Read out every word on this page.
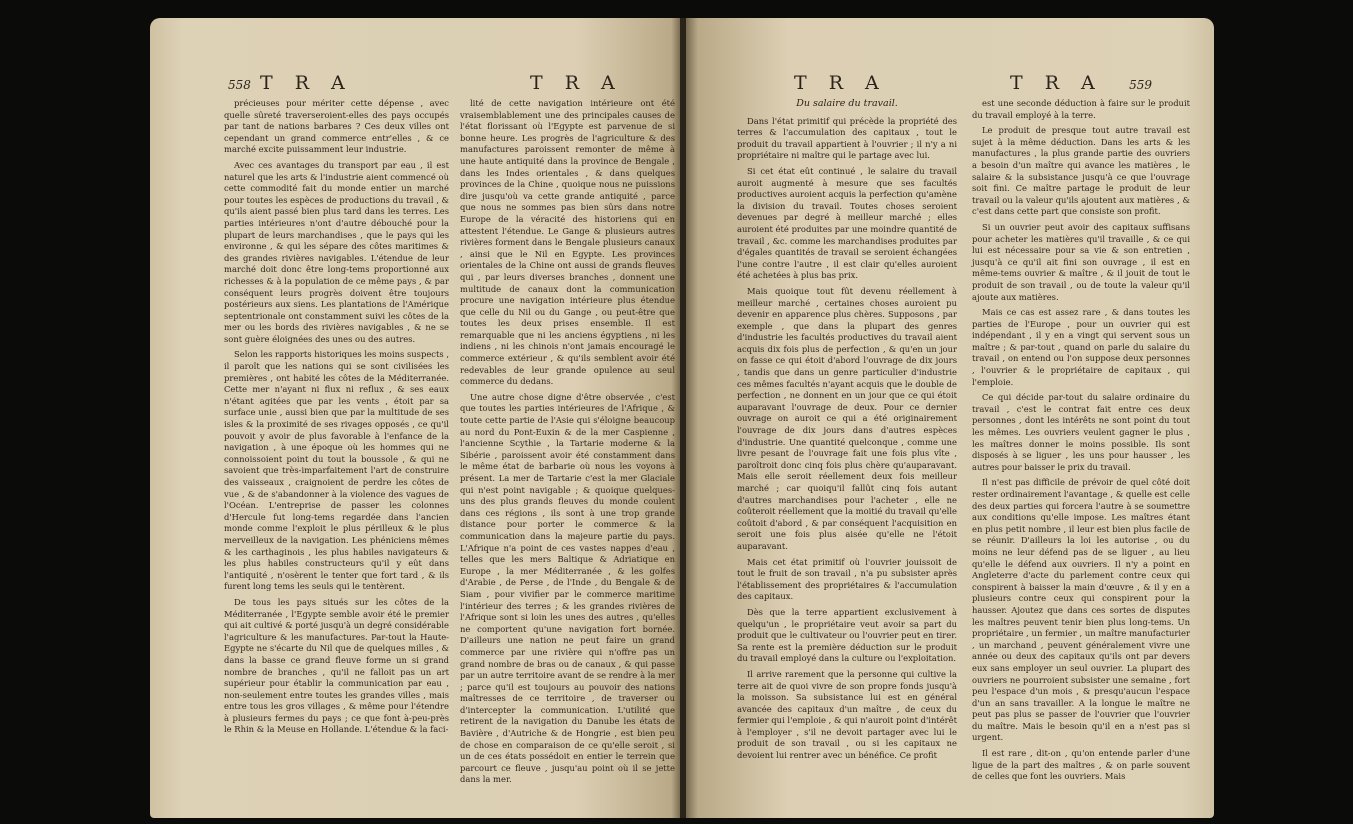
558 T R A	T R A

précieuses pour mériter cette dépense , avec quelle sûreté traverseroient-elles des pays occupés par tant de nations barbares ? Ces deux villes ont cependant un grand commerce entr'elles , & ce marché excite puissamment leur industrie.

Avec ces avantages du transport par eau , il est naturel que les arts & l'industrie aient commencé où cette commodité fait du monde entier un marché pour toutes les espèces de productions du travail , & qu'ils aient passé bien plus tard dans les terres. Les parties intérieures n'ont d'autre débouché pour la plupart de leurs marchandises , que le pays qui les environne , & qui les sépare des côtes maritimes & des grandes rivières navigables. L'étendue de leur marché doit donc être long-tems proportionné aux richesses & à la population de ce même pays , & par conséquent leurs progrès doivent être toujours postérieurs aux siens. Les plantations de l'Amérique septentrionale ont constamment suivi les côtes de la mer ou les bords des rivières navigables , & ne se sont guère éloignées des unes ou des autres.

Selon les rapports historiques les moins suspects , il paroît que les nations qui se sont civilisées les premières , ont habité les côtes de la Méditerranée. Cette mer n'ayant ni flux ni reflux , & ses eaux n'étant agitées que par les vents , étoit par sa surface unie , aussi bien que par la multitude de ses isles & la proximité de ses rivages opposés , ce qu'il pouvoit y avoir de plus favorable à l'enfance de la navigation , à une époque où les hommes qui ne connoissoient point du tout la boussole , & qui ne savoient que très-imparfaitement l'art de construire des vaisseaux , craignoient de perdre les côtes de vue , & de s'abandonner à la violence des vagues de l'Océan. L'entreprise de passer les colonnes d'Hercule fut long-tems regardée dans l'ancien monde comme l'exploit le plus périlleux & le plus merveilleux de la navigation. Les phéniciens mêmes & les carthaginois , les plus habiles navigateurs & les plus habiles constructeurs qu'il y eût dans l'antiquité , n'osèrent le tenter que fort tard , & ils furent long tems les seuls qui le tentèrent.

De tous les pays situés sur les côtes de la Méditerranée , l'Egypte semble avoir été le premier qui ait cultivé & porté jusqu'à un degré considérable l'agriculture & les manufactures. Par-tout la Haute-Egypte ne s'écarte du Nil que de quelques milles , & dans la basse ce grand fleuve forme un si grand nombre de branches , qu'il ne falloit pas un art supérieur pour établir la communication par eau , non-seulement entre toutes les grandes villes , mais entre tous les gros villages , & même pour l'étendre à plusieurs fermes du pays ; ce que font à-peu-près le Rhin & la Meuse en Hollande. L'étendue & la faci-

lité de cette navigation intérieure ont été vraisemblablement une des principales causes de l'état florissant où l'Egypte est parvenue de si bonne heure. Les progrès de l'agriculture & des manufactures paroissent remonter de même à une haute antiquité dans la province de Bengale , dans les Indes orientales , & dans quelques provinces de la Chine , quoique nous ne puissions dire jusqu'où va cette grande antiquité , parce que nous ne sommes pas bien sûrs dans notre Europe de la véracité des historiens qui en attestent l'étendue. Le Gange & plusieurs autres rivières forment dans le Bengale plusieurs canaux , ainsi que le Nil en Egypte. Les provinces orientales de la Chine ont aussi de grands fleuves qui , par leurs diverses branches , donnent une multitude de canaux dont la communication procure une navigation intérieure plus étendue que celle du Nil ou du Gange , ou peut-être que toutes les deux prises ensemble. Il est remarquable que ni les anciens égyptiens , ni les indiens , ni les chinois n'ont jamais encouragé le commerce extérieur , & qu'ils semblent avoir été redevables de leur grande opulence au seul commerce du dedans.

Une autre chose digne d'être observée , c'est que toutes les parties intérieures de l'Afrique , & toute cette partie de l'Asie qui s'éloigne beaucoup au nord du Pont-Euxin & de la mer Caspienne , l'ancienne Scythie , la Tartarie moderne & la Sibérie , paroissent avoir été constamment dans le même état de barbarie où nous les voyons à présent. La mer de Tartarie c'est la mer Glaciale qui n'est point navigable ; & quoique quelques-uns des plus grands fleuves du monde coulent dans ces régions , ils sont à une trop grande distance pour porter le commerce & la communication dans la majeure partie du pays. L'Afrique n'a point de ces vastes nappes d'eau , telles que les mers Baltique & Adriatique en Europe , la mer Méditerranée , & les golfes d'Arabie , de Perse , de l'Inde , du Bengale & de Siam , pour vivifier par le commerce maritime l'intérieur des terres ; & les grandes rivières de l'Afrique sont si loin les unes des autres , qu'elles ne comportent qu'une navigation fort bornée. D'ailleurs une nation ne peut faire un grand commerce par une rivière qui n'offre pas un grand nombre de bras ou de canaux , & qui passe par un autre territoire avant de se rendre à la mer ; parce qu'il est toujours au pouvoir des nations maîtresses de ce territoire , de traverser ou d'intercepter la communication. L'utilité que retirent de la navigation du Danube les états de Bavière , d'Autriche & de Hongrie , est bien peu de chose en comparaison de ce qu'elle seroit , si un de ces états possédoit en entier le terrein que parcourt ce fleuve , jusqu'au point où il se jette dans la mer.

T R A	T R A 559

Du salaire du travail.

Dans l'état primitif qui précède la propriété des terres & l'accumulation des capitaux , tout le produit du travail appartient à l'ouvrier ; il n'y a ni propriétaire ni maître qui le partage avec lui.

Si cet état eût continué , le salaire du travail auroit augmenté à mesure que ses facultés productives auroient acquis la perfection qu'amène la division du travail. Toutes choses seroient devenues par degré à meilleur marché ; elles auroient été produites par une moindre quantité de travail , &c. comme les marchandises produites par d'égales quantités de travail se seroient échangées l'une contre l'autre , il est clair qu'elles auroient été achetées à plus bas prix.

Mais quoique tout fût devenu réellement à meilleur marché , certaines choses auroient pu devenir en apparence plus chères. Supposons , par exemple , que dans la plupart des genres d'industrie les facultés productives du travail aient acquis dix fois plus de perfection , & qu'en un jour on fasse ce qui étoit d'abord l'ouvrage de dix jours , tandis que dans un genre particulier d'industrie ces mêmes facultés n'ayant acquis que le double de perfection , ne donnent en un jour que ce qui étoit auparavant l'ouvrage de deux. Pour ce dernier ouvrage on auroit ce qui a été originairement l'ouvrage de dix jours dans d'autres espèces d'industrie. Une quantité quelconque , comme une livre pesant de l'ouvrage fait une fois plus vîte , paroîtroit donc cinq fois plus chère qu'auparavant. Mais elle seroit réellement deux fois meilleur marché ; car quoiqu'il fallût cinq fois autant d'autres marchandises pour l'acheter , elle ne coûteroit réellement que la moitié du travail qu'elle coûtoit d'abord , & par conséquent l'acquisition en seroit une fois plus aisée qu'elle ne l'étoit auparavant.

Mais cet état primitif où l'ouvrier jouissoit de tout le fruit de son travail , n'a pu subsister après l'établissement des propriétaires & l'accumulation des capitaux.

Dès que la terre appartient exclusivement à quelqu'un , le propriétaire veut avoir sa part du produit que le cultivateur ou l'ouvrier peut en tirer. Sa rente est la première déduction sur le produit du travail employé dans la culture ou l'exploitation.

Il arrive rarement que la personne qui cultive la terre ait de quoi vivre de son propre fonds jusqu'à la moisson. Sa subsistance lui est en général avancée des capitaux d'un maître , de ceux du fermier qui l'emploie , & qui n'auroit point d'intérêt à l'employer , s'il ne devoit partager avec lui le produit de son travail , ou si les capitaux ne devoient lui rentrer avec un bénéfice. Ce profit

est une seconde déduction à faire sur le produit du travail employé à la terre.

Le produit de presque tout autre travail est sujet à la même déduction. Dans les arts & les manufactures , la plus grande partie des ouvriers a besoin d'un maître qui avance les matières , le salaire & la subsistance jusqu'à ce que l'ouvrage soit fini. Ce maître partage le produit de leur travail ou la valeur qu'ils ajoutent aux matières , & c'est dans cette part que consiste son profit.

Si un ouvrier peut avoir des capitaux suffisans pour acheter les matières qu'il travaille , & ce qui lui est nécessaire pour sa vie & son entretien , jusqu'à ce qu'il ait fini son ouvrage , il est en même-tems ouvrier & maître , & il jouit de tout le produit de son travail , ou de toute la valeur qu'il ajoute aux matières.

Mais ce cas est assez rare , & dans toutes les parties de l'Europe , pour un ouvrier qui est indépendant , il y en a vingt qui servent sous un maître ; & par-tout , quand on parle du salaire du travail , on entend ou l'on suppose deux personnes , l'ouvrier & le propriétaire de capitaux , qui l'emploie.

Ce qui décide par-tout du salaire ordinaire du travail , c'est le contrat fait entre ces deux personnes , dont les intérêts ne sont point du tout les mêmes. Les ouvriers veulent gagner le plus , les maîtres donner le moins possible. Ils sont disposés à se liguer , les uns pour hausser , les autres pour baisser le prix du travail.

Il n'est pas difficile de prévoir de quel côté doit rester ordinairement l'avantage , & quelle est celle des deux parties qui forcera l'autre à se soumettre aux conditions qu'elle impose. Les maîtres étant en plus petit nombre , il leur est bien plus facile de se réunir. D'ailleurs la loi les autorise , ou du moins ne leur défend pas de se liguer , au lieu qu'elle le défend aux ouvriers. Il n'y a point en Angleterre d'acte du parlement contre ceux qui conspirent à baisser la main d'œuvre , & il y en a plusieurs contre ceux qui conspirent pour la hausser. Ajoutez que dans ces sortes de disputes les maîtres peuvent tenir bien plus long-tems. Un propriétaire , un fermier , un maître manufacturier , un marchand , peuvent généralement vivre une année ou deux des capitaux qu'ils ont par devers eux sans employer un seul ouvrier. La plupart des ouvriers ne pourroient subsister une semaine , fort peu l'espace d'un mois , & presqu'aucun l'espace d'un an sans travailler. A la longue le maître ne peut pas plus se passer de l'ouvrier que l'ouvrier du maître. Mais le besoin qu'il en a n'est pas si urgent.

Il est rare , dit-on , qu'on entende parler d'une ligue de la part des maîtres , & on parle souvent de celles que font les ouvriers. Mais
